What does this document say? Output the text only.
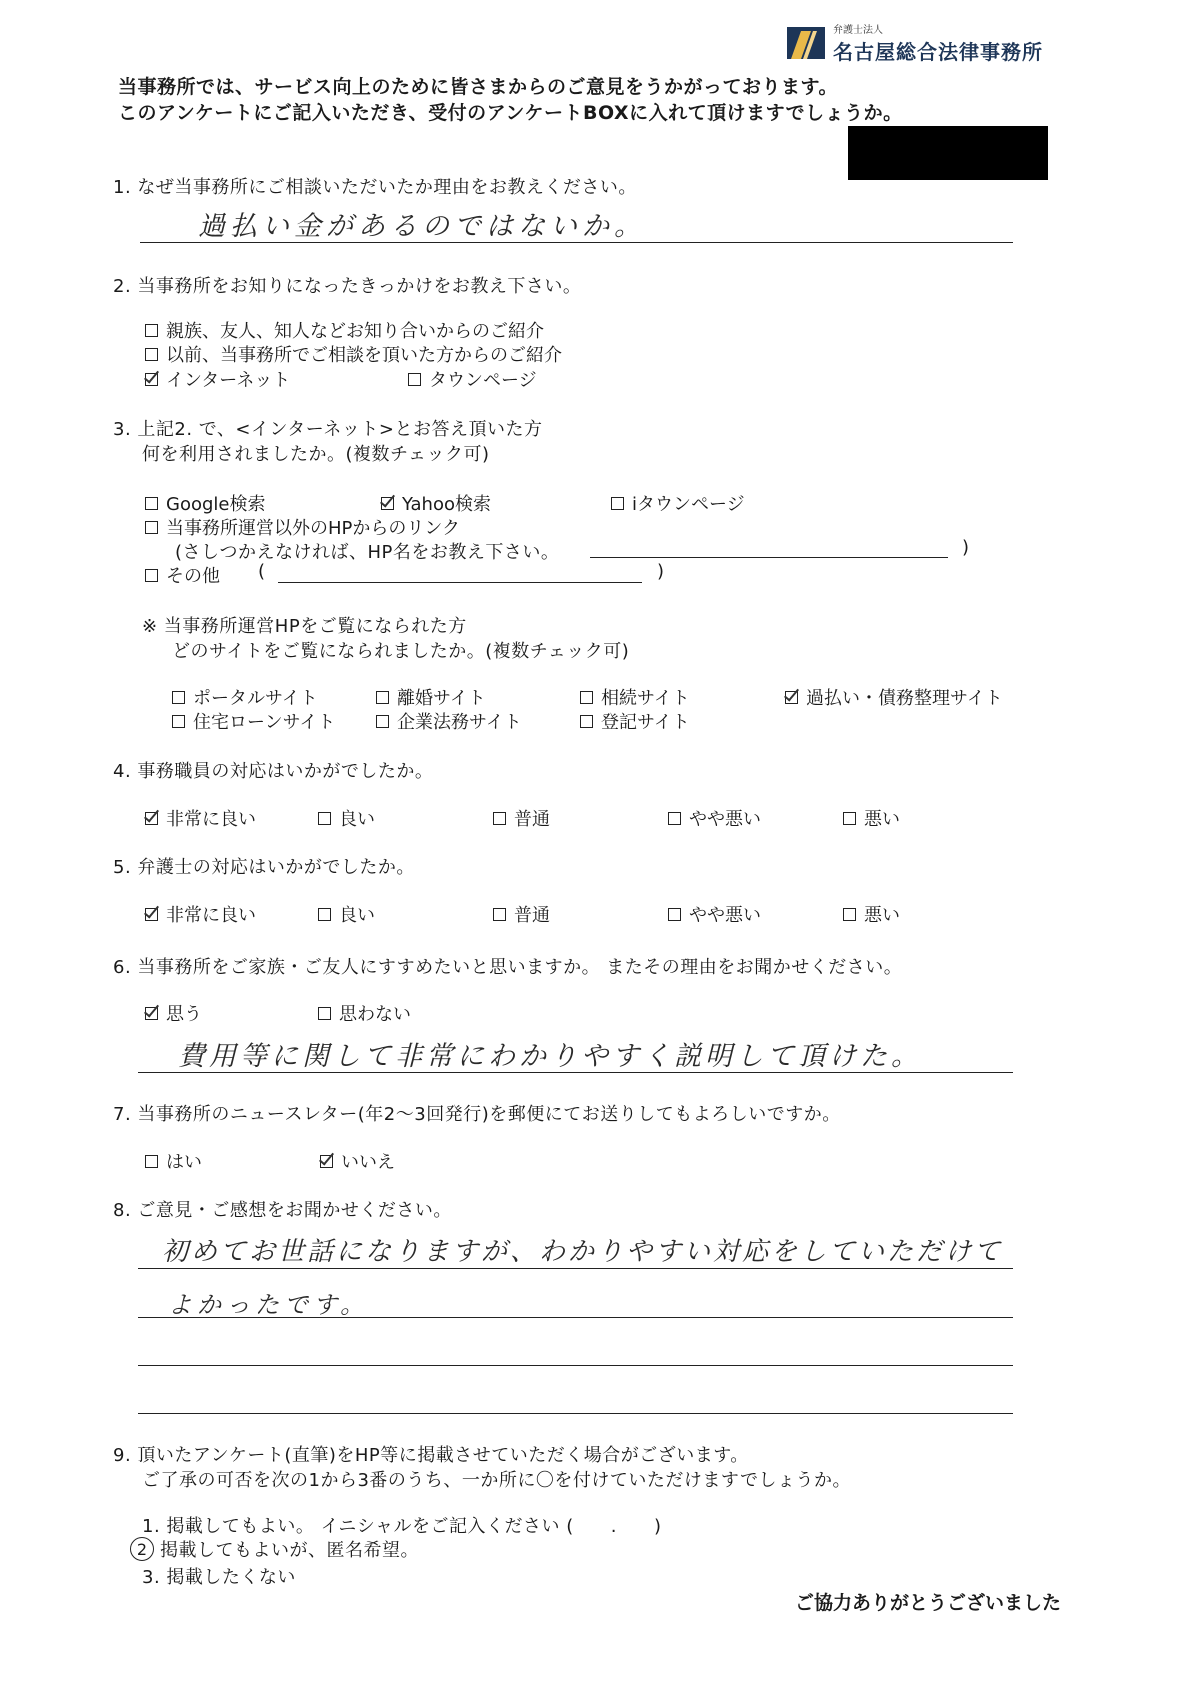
弁護士法人
名古屋総合法律事務所
当事務所では、サービス向上のために皆さまからのご意見をうかがっております。
このアンケートにご記入いただき、受付のアンケートBOXに入れて頂けますでしょうか。
1. なぜ当事務所にご相談いただいたか理由をお教えください。
過払い金があるのではないか。
2. 当事務所をお知りになったきっかけをお教え下さい。
親族、友人、知人などお知り合いからのご紹介
以前、当事務所でご相談を頂いた方からのご紹介
インターネット	タウンページ
3. 上記2. で、<インターネット>とお答え頂いた方
何を利用されましたか。(複数チェック可)
Google検索	Yahoo検索	iタウンページ
当事務所運営以外のHPからのリンク
(さしつかえなければ、HP名をお教え下さい。	)
その他 (	)
※ 当事務所運営HPをご覧になられた方
どのサイトをご覧になられましたか。(複数チェック可)
ポータルサイト	離婚サイト	相続サイト	過払い・債務整理サイト
住宅ローンサイト	企業法務サイト	登記サイト
4. 事務職員の対応はいかがでしたか。
非常に良い	良い	普通	やや悪い	悪い
5. 弁護士の対応はいかがでしたか。
非常に良い	良い	普通	やや悪い	悪い
6. 当事務所をご家族・ご友人にすすめたいと思いますか。 またその理由をお聞かせください。
思う	思わない
費用等に関して非常にわかりやすく説明して頂けた。
7. 当事務所のニュースレター(年2〜3回発行)を郵便にてお送りしてもよろしいですか。
はい	いいえ
8. ご意見・ご感想をお聞かせください。
初めてお世話になりますが、わかりやすい対応をしていただけて
よかったです。
9. 頂いたアンケート(直筆)をHP等に掲載させていただく場合がございます。
ご了承の可否を次の1から3番のうち、一か所に〇を付けていただけますでしょうか。
1. 掲載してもよい。 イニシャルをご記入ください (　　.　　)
2 掲載してもよいが、匿名希望。
3. 掲載したくない
ご協力ありがとうございました
